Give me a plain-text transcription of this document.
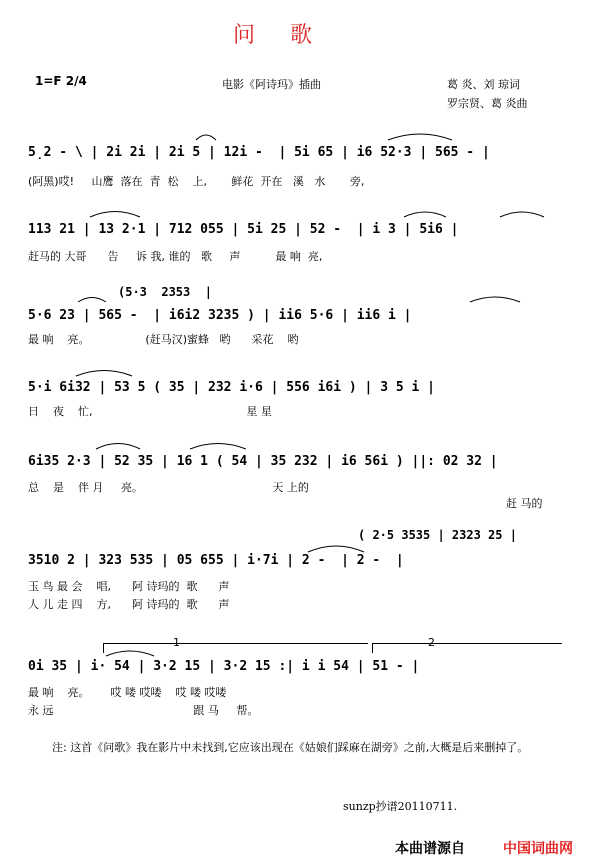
问 歌
1=F 2/4	电影《阿诗玛》插曲	葛 炎、刘 琼词
罗宗贤、葛 炎曲
5̣2 - \ | 2i 2i | 2i 5 | 12i -  | 5i 65 | i6 52·3 | 565 - |
(阿黑)哎!     山鹰  落在  青  松    上,       鲜花  开在   溪   水       旁,
113 21 | 13 2·1 | 712 055 | 5i 25 | 52 -  | i 3 | 5i6 |
赶马的 大哥      告     诉 我, 谁的   歌     声          最 响  亮,
(5·3  2353  |
5·6 23 | 565 -  | i6i2 3235 ) | ii6 5·6 | ii6 i |
最 响    亮。                (赶马汉)蜜蜂   哟      采花    哟
5·i 6i32 | 53 5 ( 35 | 232 i·6 | 556 i6i ) | 3 5 i |
日    夜    忙,                                            星 星
6i35 2·3 | 52 35 | 16 1 ( 54 | 35 232 | i6 56i ) ||: 02 32 |
总    是    伴 月     亮。                                     天 上的
赶 马的
( 2·5 3535 | 2323 25 |
3510 2 | 323 535 | 05 655 | i·7i | 2 -  | 2 -  |
玉 鸟 最 会    唱,      阿 诗玛的  歌      声
人 儿 走 四    方,      阿 诗玛的  歌      声
0i 35 | i· 54 | 3·2 15 | 3·2 15 :| i i 54 | 51 - |
最 响    亮。      哎 喽 哎喽    哎 喽 哎喽
永 远                                        跟 马     帮。
注: 这首《问歌》我在影片中未找到,它应该出现在《姑娘们踩麻在湖旁》之前,大概是后来删掉了。
sunzp抄谱20110711.
本曲谱源自	中国词曲网
